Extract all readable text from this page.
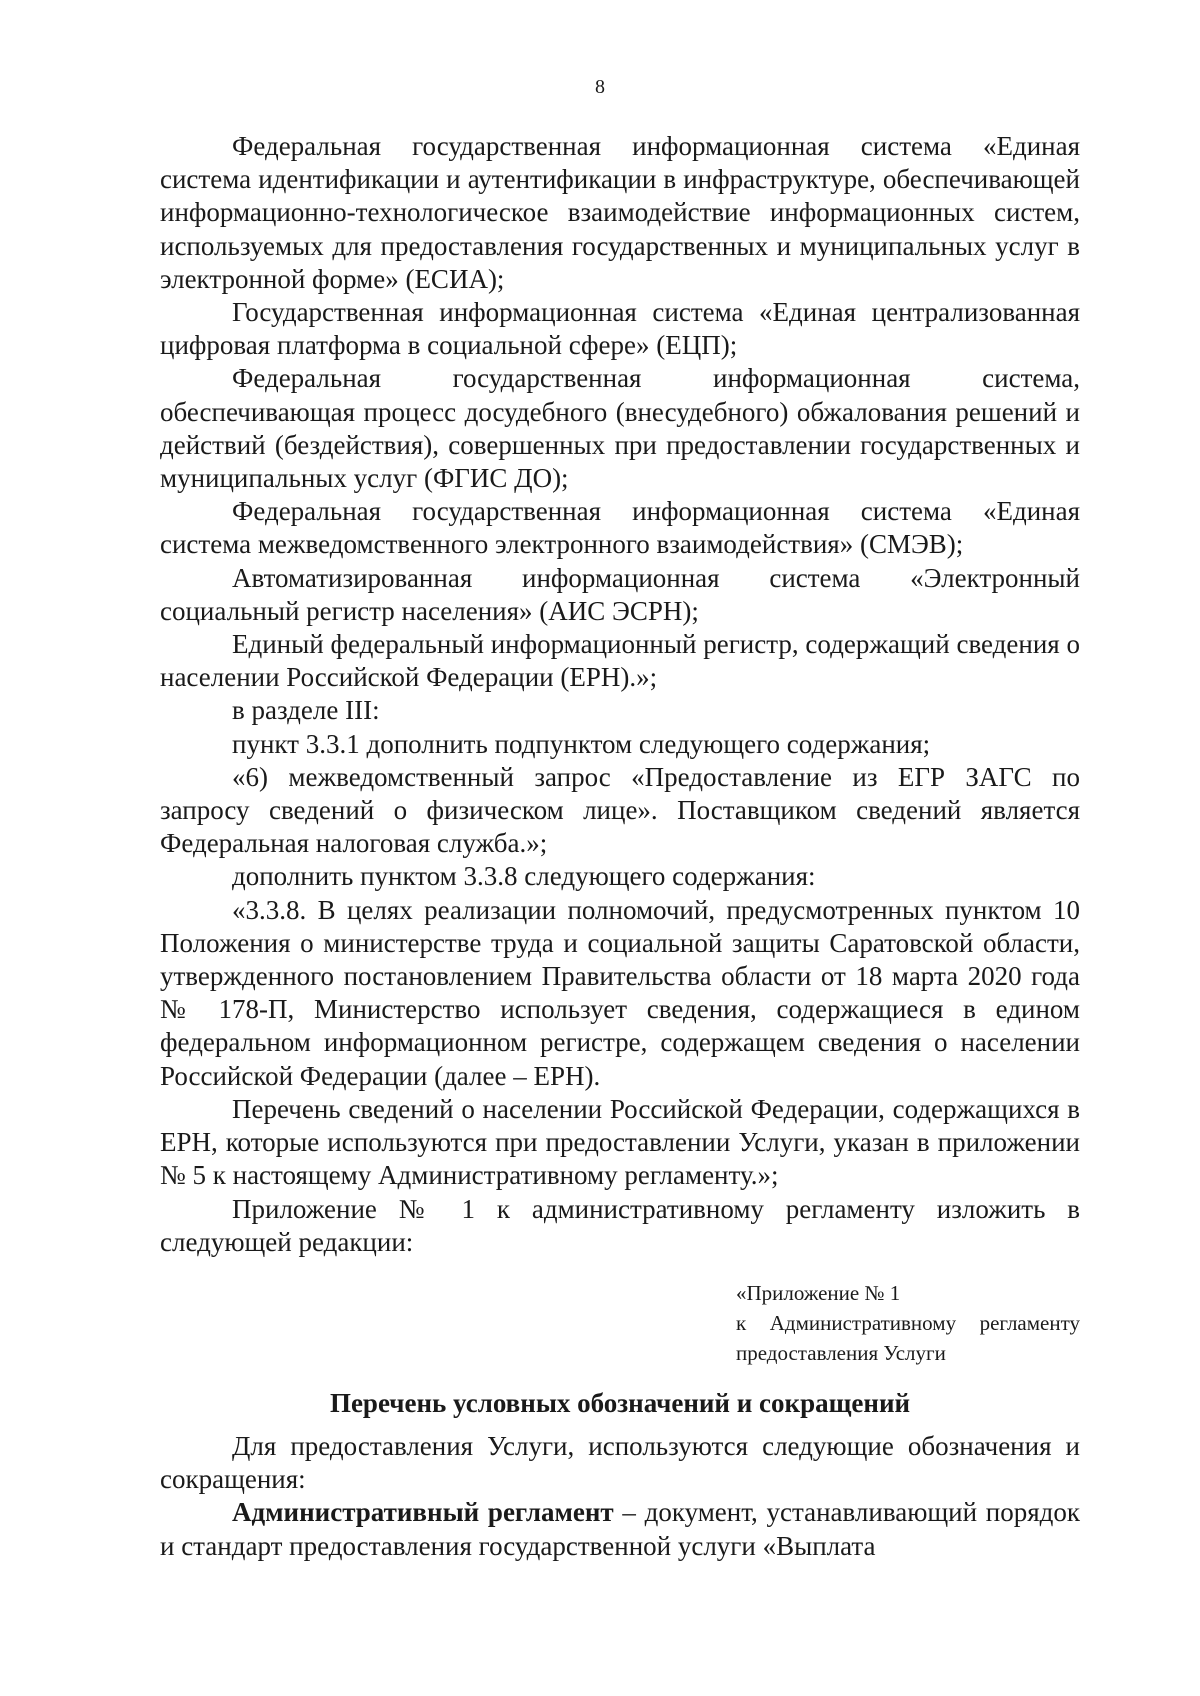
8

Федеральная государственная информационная система «Единая система идентификации и аутентификации в инфраструктуре, обеспечивающей информационно-технологическое взаимодействие информационных систем, используемых для предоставления государственных и муниципальных услуг в электронной форме» (ЕСИА);

Государственная информационная система «Единая централизованная цифровая платформа в социальной сфере» (ЕЦП);

Федеральная государственная информационная система, обеспечивающая процесс досудебного (внесудебного) обжалования решений и действий (бездействия), совершенных при предоставлении государственных и муниципальных услуг (ФГИС ДО);

Федеральная государственная информационная система «Единая система межведомственного электронного взаимодействия» (СМЭВ);

Автоматизированная информационная система «Электронный социальный регистр населения» (АИС ЭСРН);

Единый федеральный информационный регистр, содержащий сведения о населении Российской Федерации (ЕРН).»;

в разделе III:

пункт 3.3.1 дополнить подпунктом следующего содержания;

«6) межведомственный запрос «Предоставление из ЕГР ЗАГС по запросу сведений о физическом лице». Поставщиком сведений является Федеральная налоговая служба.»;

дополнить пунктом 3.3.8 следующего содержания:

«3.3.8. В целях реализации полномочий, предусмотренных пунктом 10 Положения о министерстве труда и социальной защиты Саратовской области, утвержденного постановлением Правительства области от 18 марта 2020 года № 178-П, Министерство использует сведения, содержащиеся в едином федеральном информационном регистре, содержащем сведения о населении Российской Федерации (далее – ЕРН).

Перечень сведений о населении Российской Федерации, содержащихся в ЕРН, которые используются при предоставлении Услуги, указан в приложении № 5 к настоящему Административному регламенту.»;

Приложение № 1 к административному регламенту изложить в следующей редакции:

«Приложение № 1
к Административному регламенту предоставления Услуги
Перечень условных обозначений и сокращений

Для предоставления Услуги, используются следующие обозначения и сокращения:

Административный регламент – документ, устанавливающий порядок и стандарт предоставления государственной услуги «Выплата
